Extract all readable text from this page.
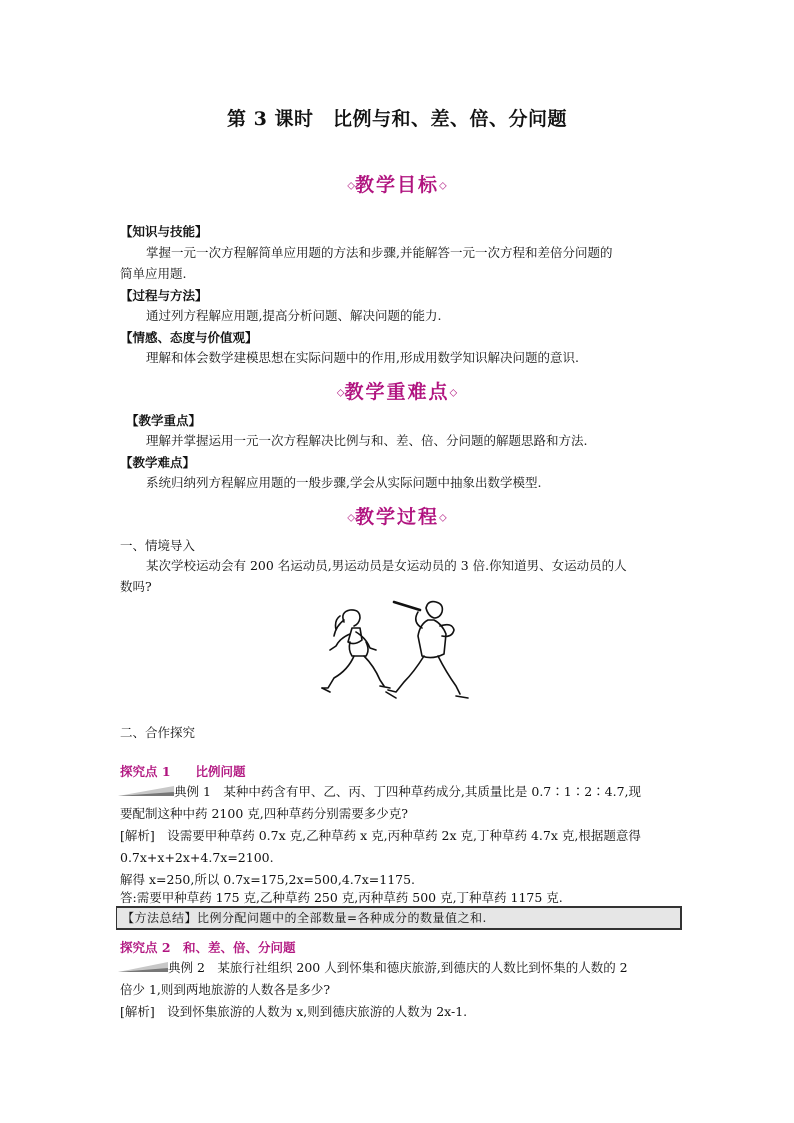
第 3 课时　比例与和、差、倍、分问题
◇教学目标◇
【知识与技能】
掌握一元一次方程解简单应用题的方法和步骤,并能解答一元一次方程和差倍分问题的
简单应用题.
【过程与方法】
通过列方程解应用题,提高分析问题、解决问题的能力.
【情感、态度与价值观】
理解和体会数学建模思想在实际问题中的作用,形成用数学知识解决问题的意识.
◇教学重难点◇
【教学重点】
理解并掌握运用一元一次方程解决比例与和、差、倍、分问题的解题思路和方法.
【教学难点】
系统归纳列方程解应用题的一般步骤,学会从实际问题中抽象出数学模型.
◇教学过程◇
一、情境导入
某次学校运动会有 200 名运动员,男运动员是女运动员的 3 倍.你知道男、女运动员的人
数吗?
二、合作探究
探究点 1　　比例问题
典例 1　某种中药含有甲、乙、丙、丁四种草药成分,其质量比是 0.7∶1∶2∶4.7,现
要配制这种中药 2100 克,四种草药分别需要多少克?
[解析]　设需要甲种草药 0.7x 克,乙种草药 x 克,丙种草药 2x 克,丁种草药 4.7x 克,根据题意得
0.7x+x+2x+4.7x=2100.
解得 x=250,所以 0.7x=175,2x=500,4.7x=1175.
答:需要甲种草药 175 克,乙种草药 250 克,丙种草药 500 克,丁种草药 1175 克.
【方法总结】比例分配问题中的全部数量=各种成分的数量值之和.
探究点 2　和、差、倍、分问题
典例 2　某旅行社组织 200 人到怀集和德庆旅游,到德庆的人数比到怀集的人数的 2
倍少 1,则到两地旅游的人数各是多少?
[解析]　设到怀集旅游的人数为 x,则到德庆旅游的人数为 2x-1.
